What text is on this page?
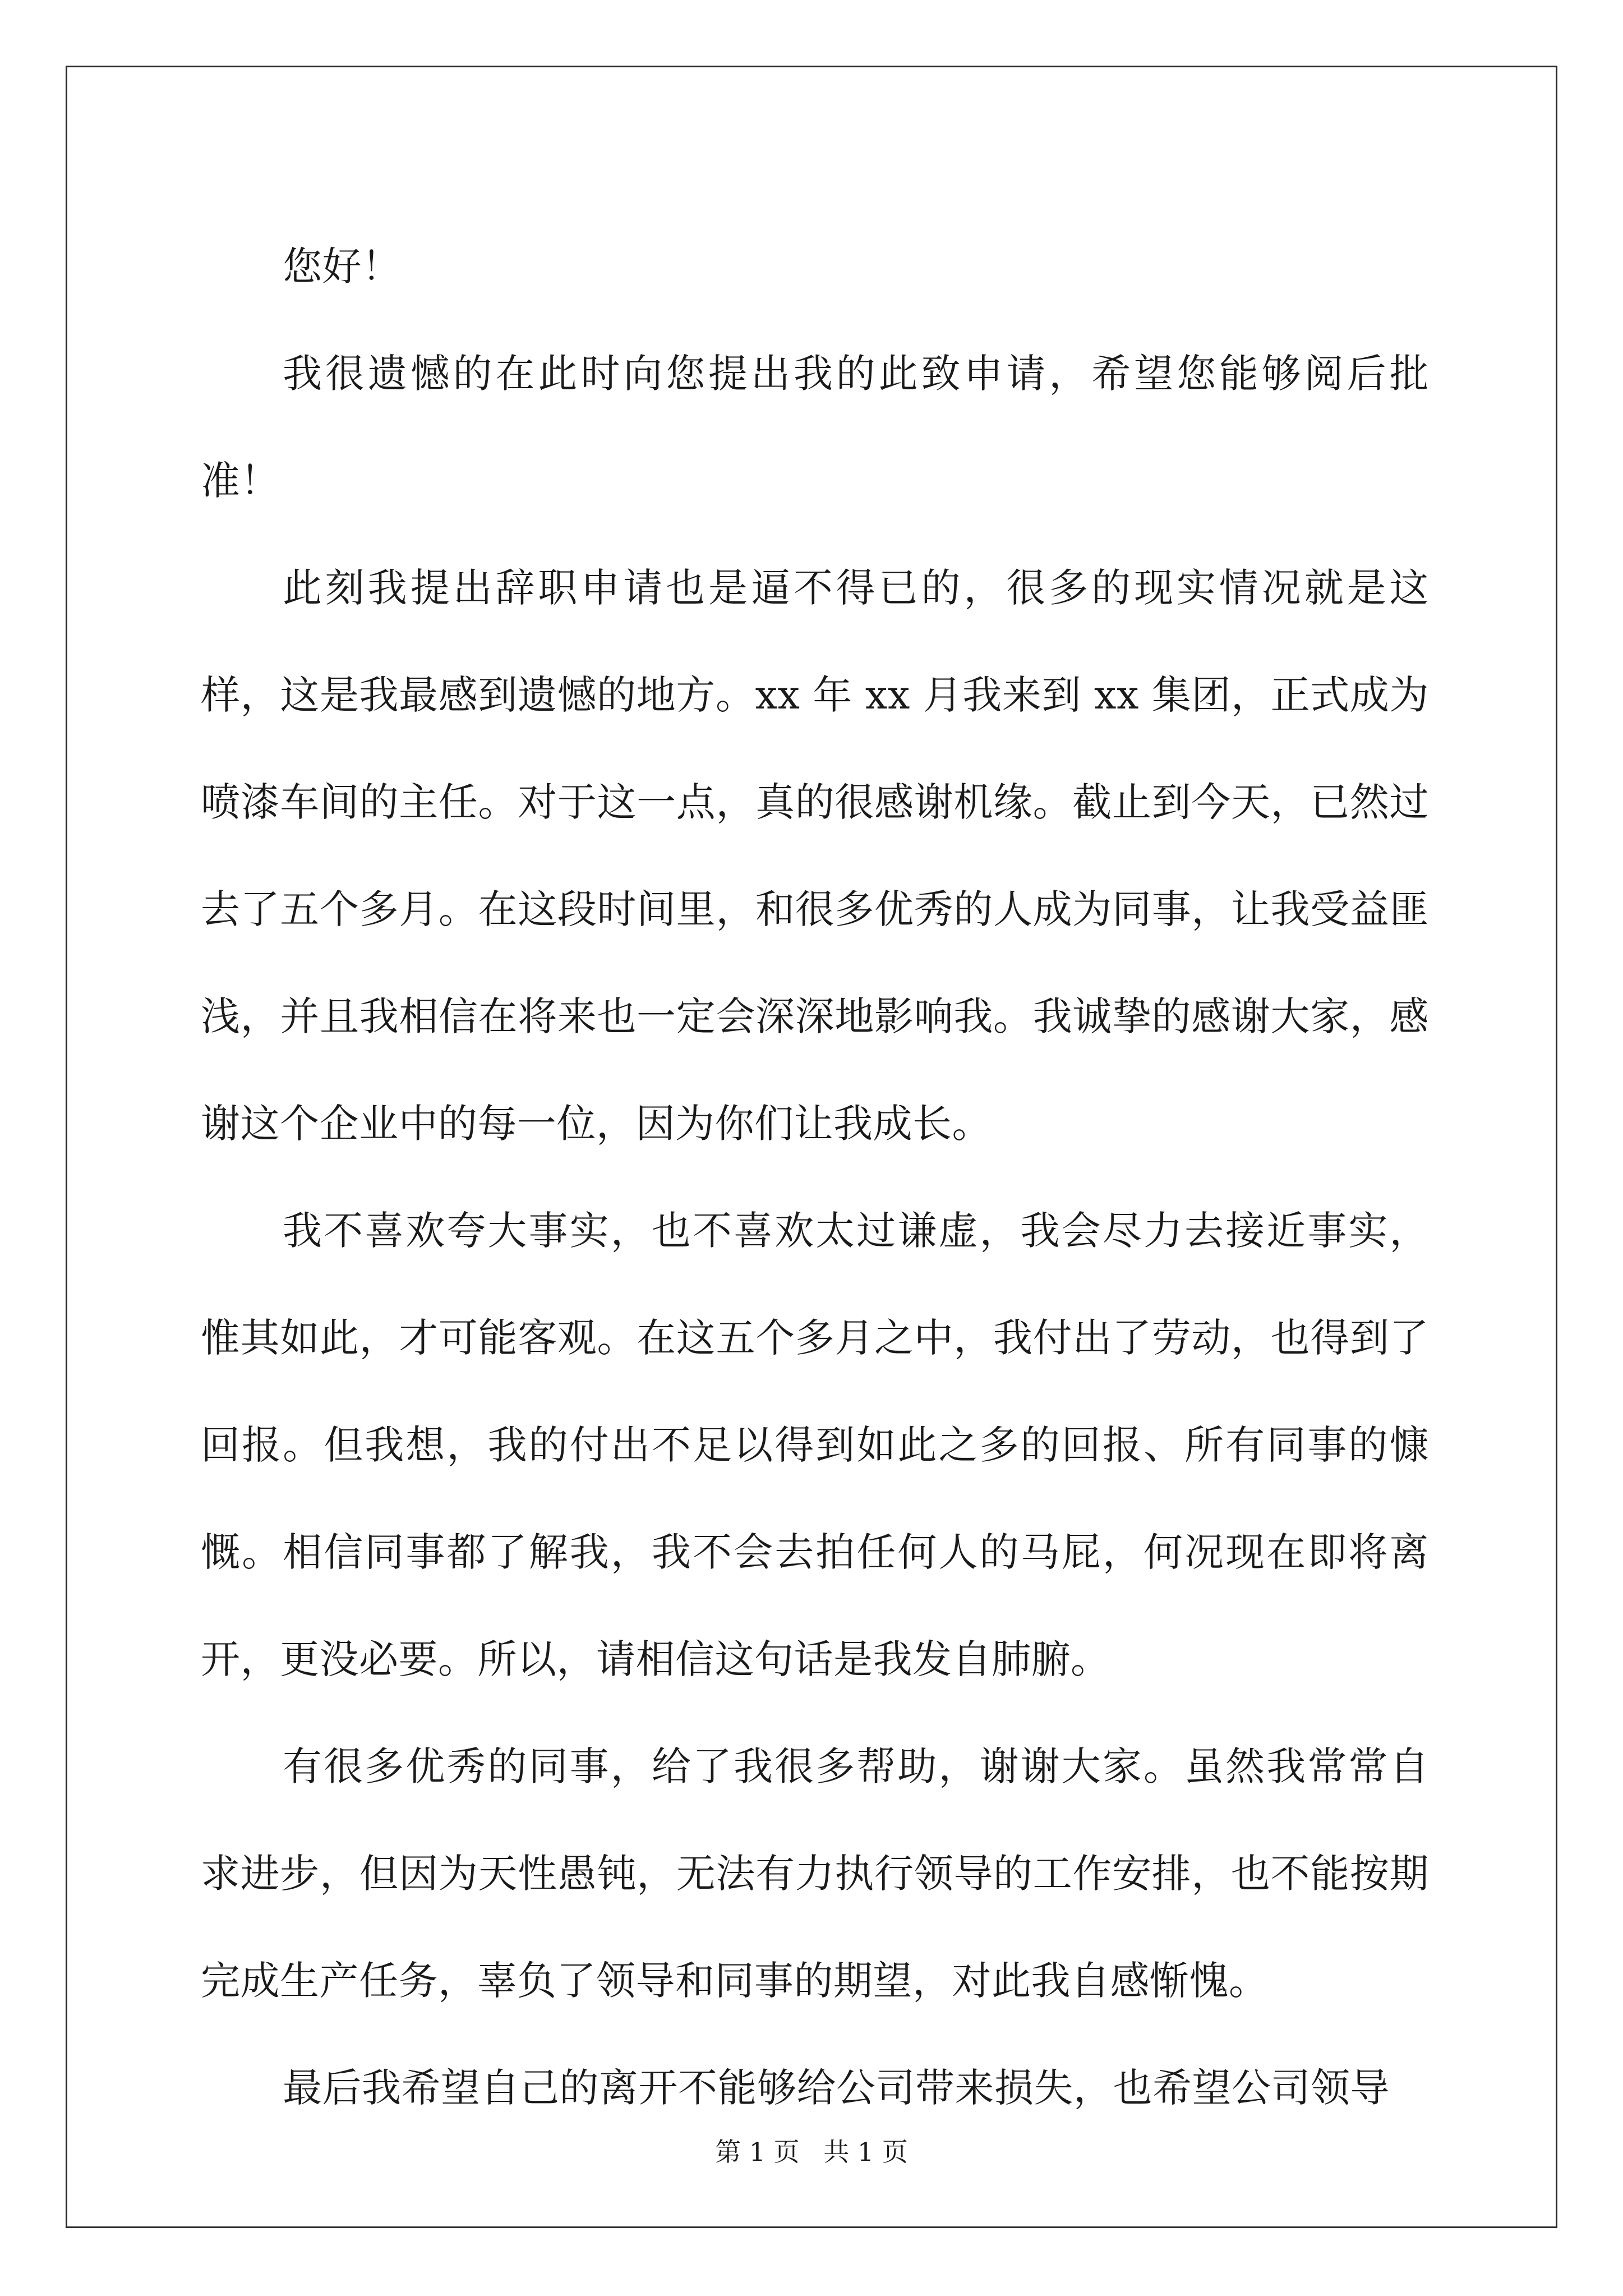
您好！

我很遗憾的在此时向您提出我的此致申请，希望您能够阅后批准！

此刻我提出辞职申请也是逼不得已的，很多的现实情况就是这样，这是我最感到遗憾的地方。xx 年 xx 月我来到 xx 集团，正式成为喷漆车间的主任。对于这一点，真的很感谢机缘。截止到今天，已然过去了五个多月。在这段时间里，和很多优秀的人成为同事，让我受益匪浅，并且我相信在将来也一定会深深地影响我。我诚挚的感谢大家，感谢这个企业中的每一位，因为你们让我成长。

我不喜欢夸大事实，也不喜欢太过谦虚，我会尽力去接近事实，惟其如此，才可能客观。在这五个多月之中，我付出了劳动，也得到了回报。但我想，我的付出不足以得到如此之多的回报、所有同事的慷慨。相信同事都了解我，我不会去拍任何人的马屁，何况现在即将离开，更没必要。所以，请相信这句话是我发自肺腑。

有很多优秀的同事，给了我很多帮助，谢谢大家。虽然我常常自求进步，但因为天性愚钝，无法有力执行领导的工作安排，也不能按期完成生产任务，辜负了领导和同事的期望，对此我自感惭愧。

最后我希望自己的离开不能够给公司带来损失，也希望公司领导

第 1 页 共 1 页
